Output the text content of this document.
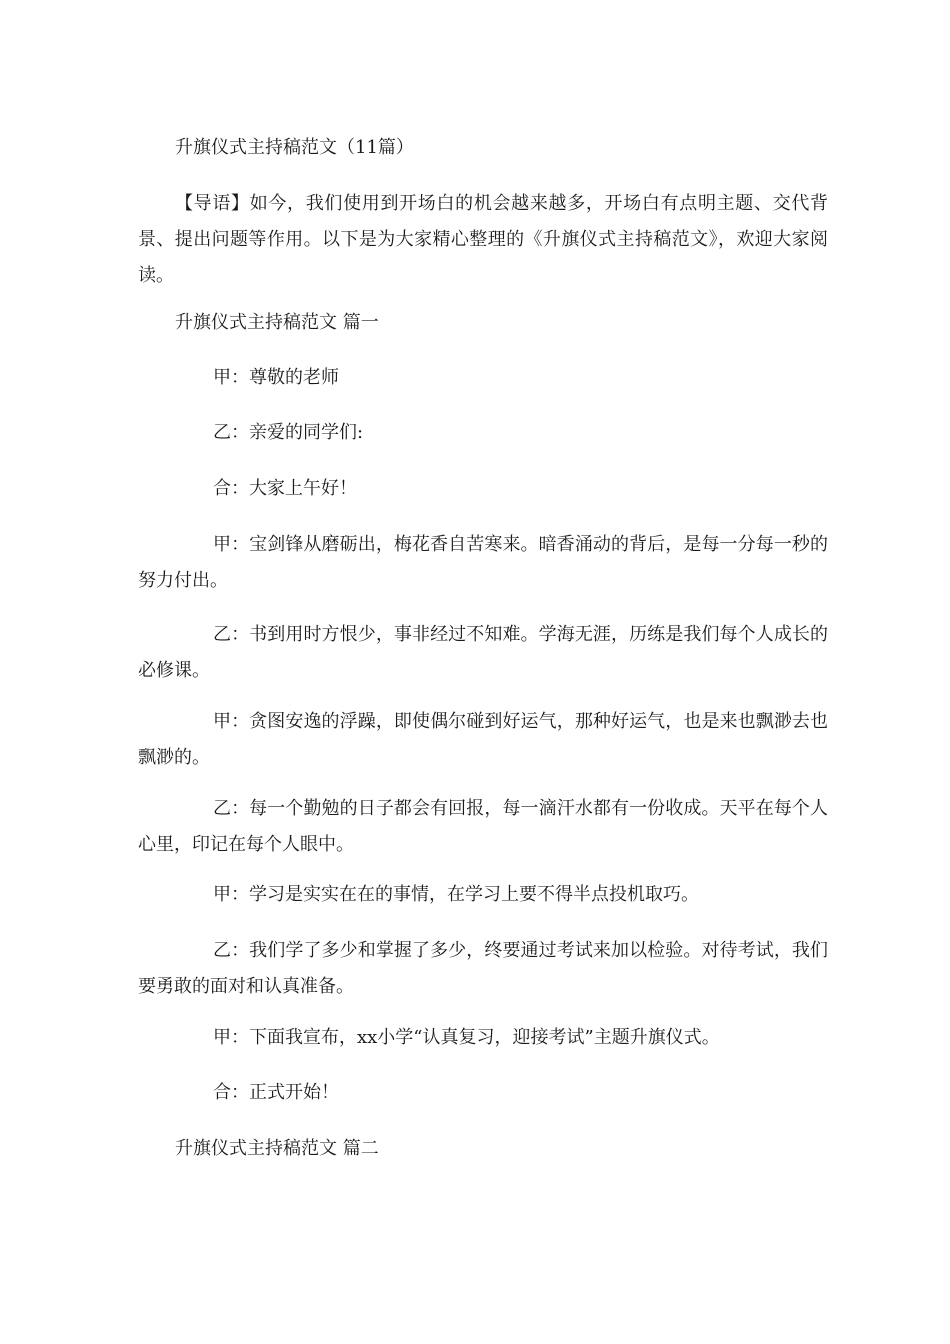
升旗仪式主持稿范文（11篇）

【导语】如今，我们使用到开场白的机会越来越多，开场白有点明主题、交代背景、提出问题等作用。以下是为大家精心整理的《升旗仪式主持稿范文》，欢迎大家阅读。

升旗仪式主持稿范文 篇一

甲：尊敬的老师

乙：亲爱的同学们:

合：大家上午好！

甲：宝剑锋从磨砺出，梅花香自苦寒来。暗香涌动的背后，是每一分每一秒的努力付出。

乙：书到用时方恨少，事非经过不知难。学海无涯，历练是我们每个人成长的必修课。

甲：贪图安逸的浮躁，即使偶尔碰到好运气，那种好运气，也是来也飘渺去也飘渺的。

乙：每一个勤勉的日子都会有回报，每一滴汗水都有一份收成。天平在每个人心里，印记在每个人眼中。

甲：学习是实实在在的事情，在学习上要不得半点投机取巧。

乙：我们学了多少和掌握了多少，终要通过考试来加以检验。对待考试，我们要勇敢的面对和认真准备。

甲：下面我宣布，xx小学“认真复习，迎接考试”主题升旗仪式。

合：正式开始！

升旗仪式主持稿范文 篇二
